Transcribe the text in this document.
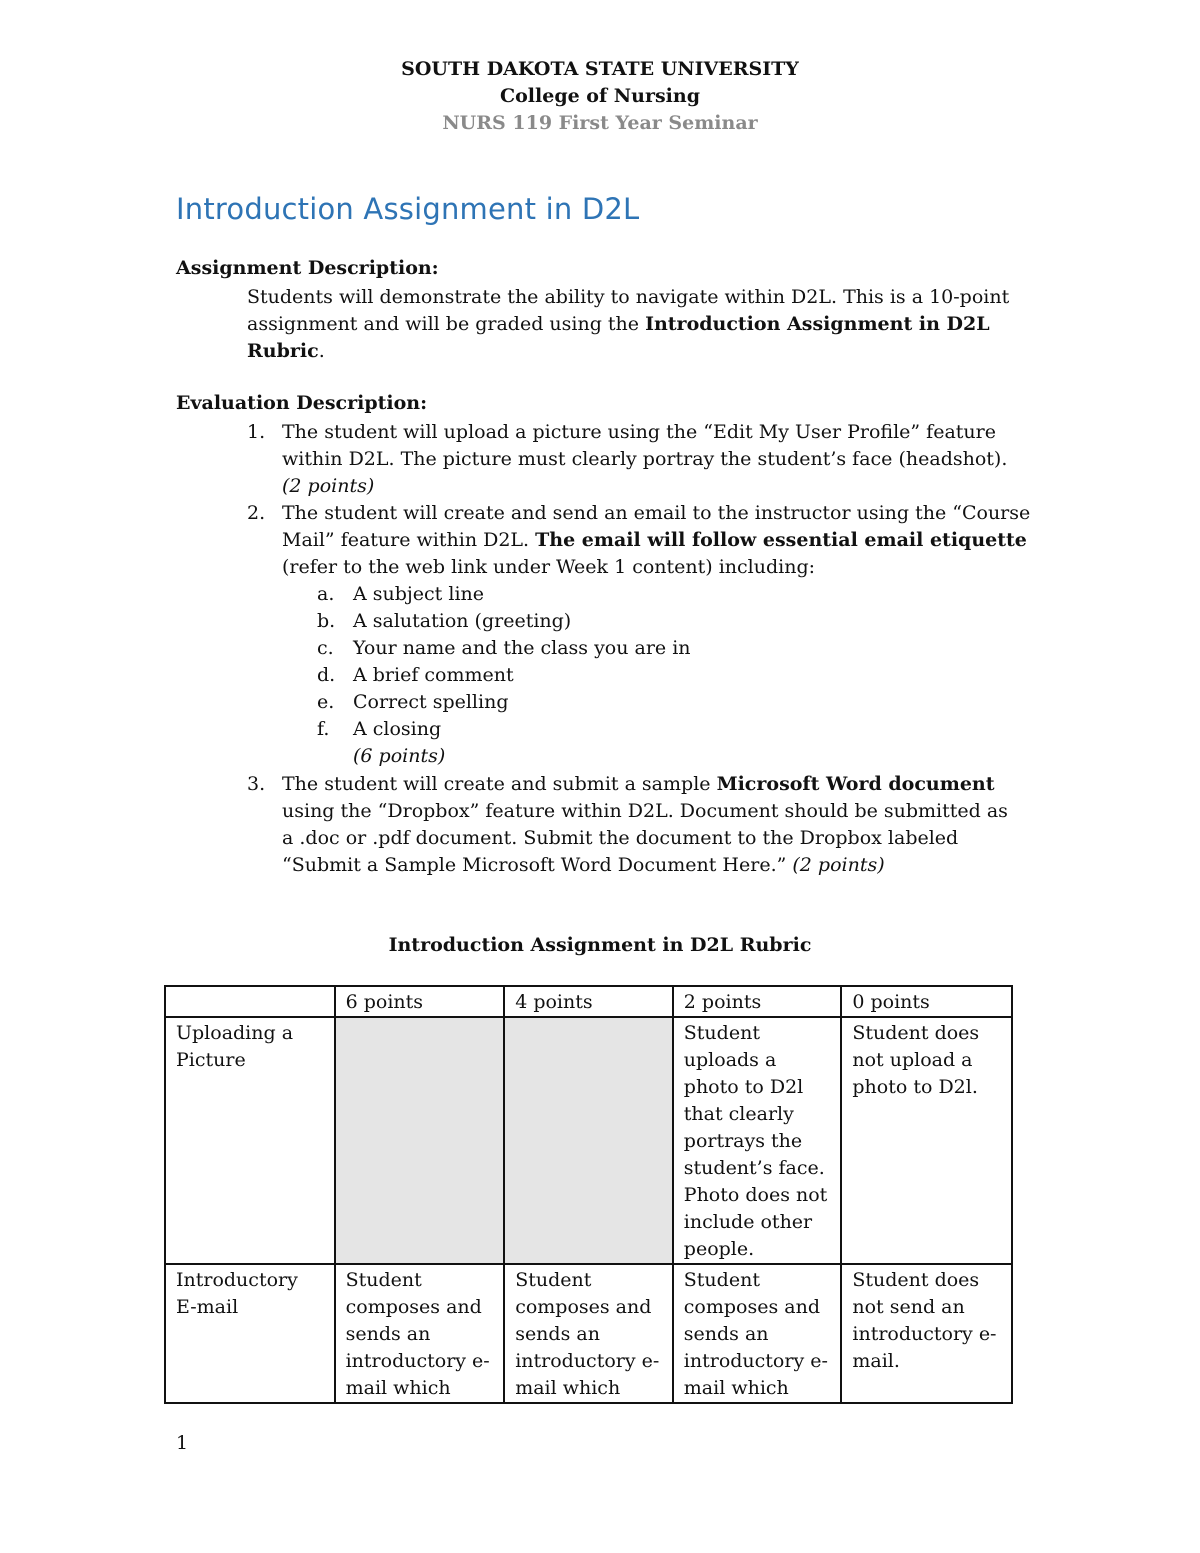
SOUTH DAKOTA STATE UNIVERSITY
College of Nursing
NURS 119 First Year Seminar
Introduction Assignment in D2L
Assignment Description:
Students will demonstrate the ability to navigate within D2L. This is a 10-point
assignment and will be graded using the Introduction Assignment in D2L
Rubric.
Evaluation Description:
1. The student will upload a picture using the “Edit My User Profile” feature
within D2L. The picture must clearly portray the student’s face (headshot).
(2 points)
2. The student will create and send an email to the instructor using the “Course
Mail” feature within D2L. The email will follow essential email etiquette
(refer to the web link under Week 1 content) including:
a. A subject line
b. A salutation (greeting)
c. Your name and the class you are in
d. A brief comment
e. Correct spelling
f. A closing
(6 points)
3. The student will create and submit a sample Microsoft Word document
using the “Dropbox” feature within D2L. Document should be submitted as
a .doc or .pdf document. Submit the document to the Dropbox labeled
“Submit a Sample Microsoft Word Document Here.” (2 points)
Introduction Assignment in D2L Rubric
	6 points	4 points	2 points	0 points
Uploading a Picture			Student uploads a photo to D2l that clearly portrays the student’s face. Photo does not include other people.	Student does not upload a photo to D2l.
Introductory E-mail	Student composes and sends an introductory e-mail which	Student composes and sends an introductory e-mail which	Student composes and sends an introductory e-mail which	Student does not send an introductory e-mail.
1
